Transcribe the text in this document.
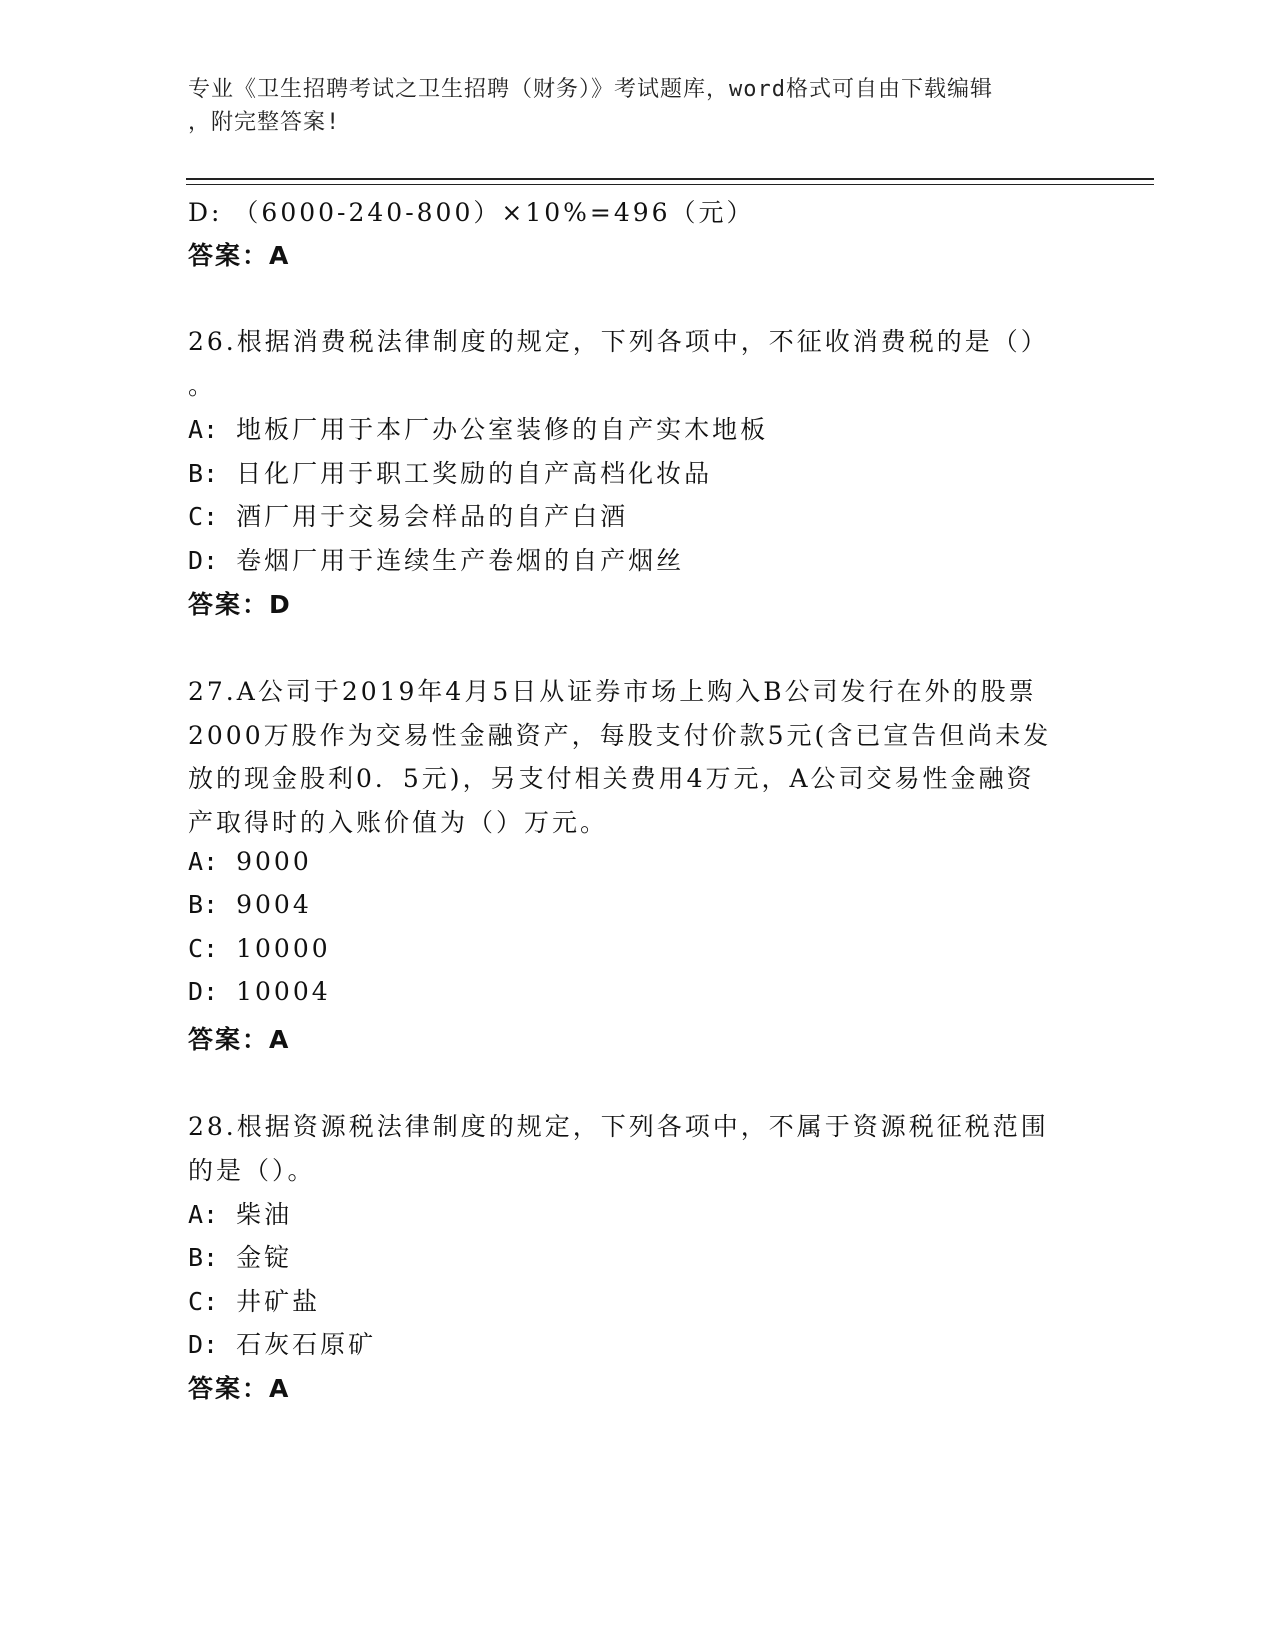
专业《卫生招聘考试之卫生招聘（财务）》考试题库，word格式可自由下载编辑
，附完整答案!
D: （6000-240-800）×10%=496（元）
答案：A
26.根据消费税法律制度的规定，下列各项中，不征收消费税的是（）
。
A: 地板厂用于本厂办公室装修的自产实木地板
B: 日化厂用于职工奖励的自产高档化妆品
C: 酒厂用于交易会样品的自产白酒
D: 卷烟厂用于连续生产卷烟的自产烟丝
答案：D
27.A公司于2019年4月5日从证券市场上购入B公司发行在外的股票
2000万股作为交易性金融资产，每股支付价款5元(含已宣告但尚未发
放的现金股利0．5元)，另支付相关费用4万元，A公司交易性金融资
产取得时的入账价值为（）万元。
A: 9000
B: 9004
C: 10000
D: 10004
答案：A
28.根据资源税法律制度的规定，下列各项中，不属于资源税征税范围
的是（）。
A: 柴油
B: 金锭
C: 井矿盐
D: 石灰石原矿
答案：A
